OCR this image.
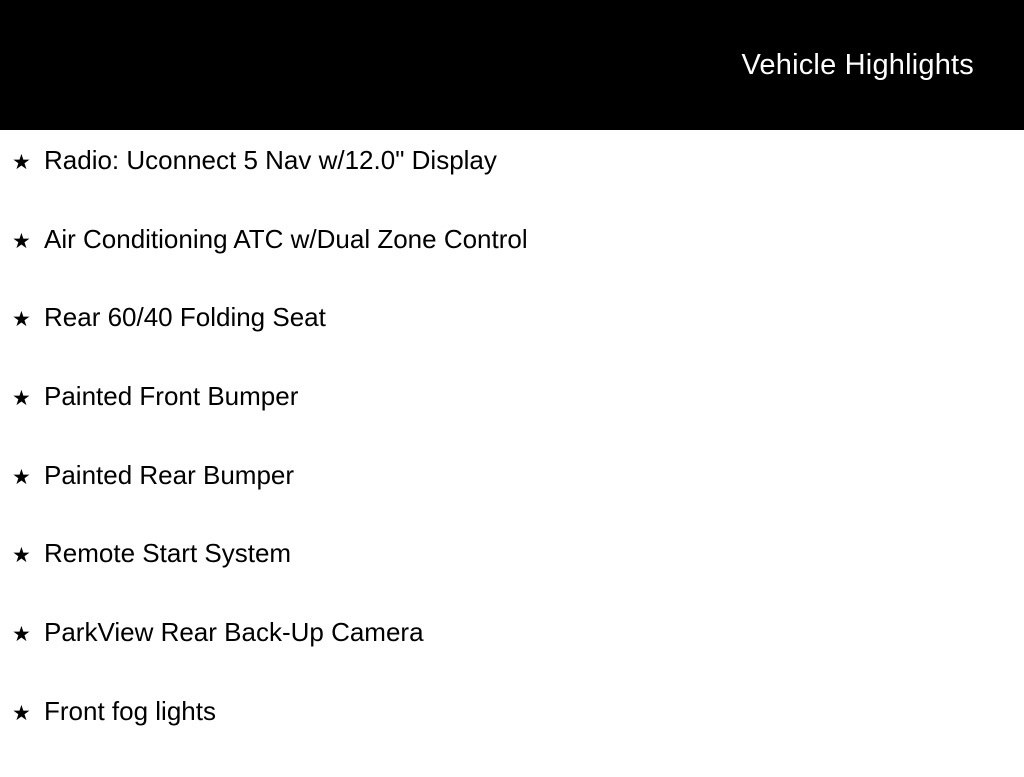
Vehicle Highlights
★ Radio: Uconnect 5 Nav w/12.0" Display
★ Air Conditioning ATC w/Dual Zone Control
★ Rear 60/40 Folding Seat
★ Painted Front Bumper
★ Painted Rear Bumper
★ Remote Start System
★ ParkView Rear Back-Up Camera
★ Front fog lights
